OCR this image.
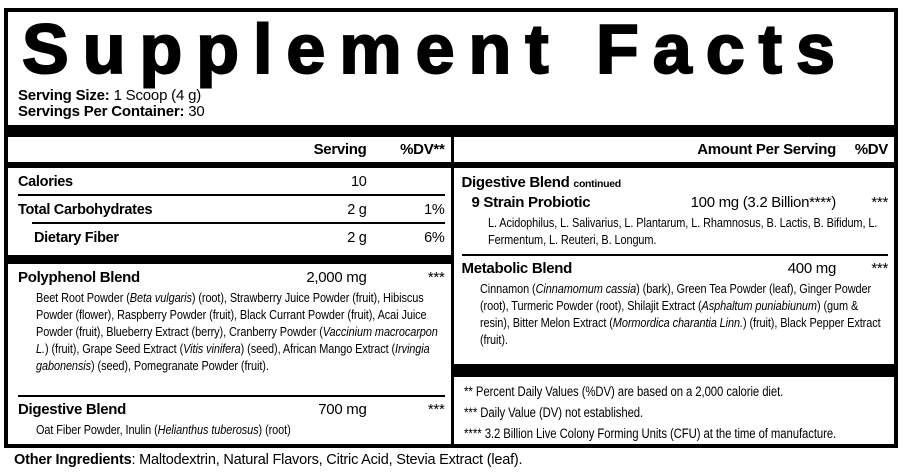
Supplement Facts
Serving Size: 1 Scoop (4 g)
Servings Per Container: 30
Amount Per Serving	%DV**
Calories	10
Total Carbohydrates	2 g	1%
Dietary Fiber	2 g	6%
Polyphenol Blend	2,000 mg	***
Beet Root Powder (Beta vulgaris) (root), Strawberry Juice Powder (fruit), Hibiscus Powder (flower), Raspberry Powder (fruit), Black Currant Powder (fruit), Acai Juice Powder (fruit), Blueberry Extract (berry), Cranberry Powder (Vaccinium macrocarpon L.) (fruit), Grape Seed Extract (Vitis vinifera) (seed), African Mango Extract (Irvingia gabonensis) (seed), Pomegranate Powder (fruit).
Digestive Blend	700 mg	***
Oat Fiber Powder, Inulin (Helianthus tuberosus) (root)
Amount Per Serving	%DV
Digestive Blend continued
9 Strain Probiotic	100 mg (3.2 Billion****)	***
L. Acidophilus, L. Salivarius, L. Plantarum, L. Rhamnosus, B. Lactis, B. Bifidum, L. Fermentum, L. Reuteri, B. Longum.
Metabolic Blend	400 mg	***
Cinnamon (Cinnamomum cassia) (bark), Green Tea Powder (leaf), Ginger Powder (root), Turmeric Powder (root), Shilajit Extract (Asphaltum puniabiunum) (gum & resin), Bitter Melon Extract (Mormordica charantia Linn.) (fruit), Black Pepper Extract (fruit).
** Percent Daily Values (%DV) are based on a 2,000 calorie diet.
*** Daily Value (DV) not established.
**** 3.2 Billion Live Colony Forming Units (CFU) at the time of manufacture.
Other Ingredients: Maltodextrin, Natural Flavors, Citric Acid, Stevia Extract (leaf).
